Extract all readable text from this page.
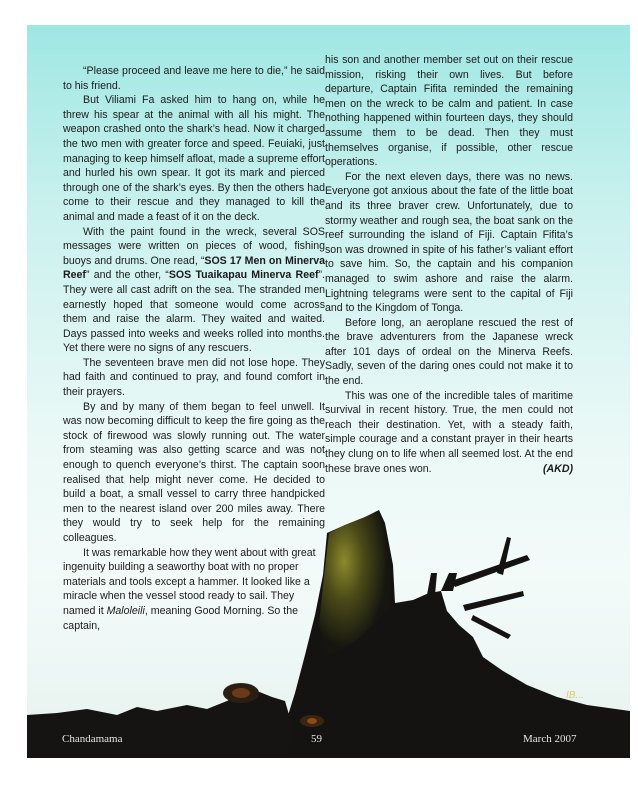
“Please proceed and leave me here to die,” he said to his friend.

But Viliami Fa asked him to hang on, while he threw his spear at the animal with all his might. The weapon crashed onto the shark’s head. Now it charged the two men with greater force and speed. Feuiaki, just managing to keep himself afloat, made a supreme effort and hurled his own spear. It got its mark and pierced through one of the shark’s eyes. By then the others had come to their rescue and they managed to kill the animal and made a feast of it on the deck.

With the paint found in the wreck, several SOS messages were written on pieces of wood, fishing buoys and drums. One read, “SOS 17 Men on Minerva Reef” and the other, “SOS Tuaikapau Minerva Reef”. They were all cast adrift on the sea. The stranded men earnestly hoped that someone would come across them and raise the alarm. They waited and waited. Days passed into weeks and weeks rolled into months. Yet there were no signs of any rescuers.

The seventeen brave men did not lose hope. They had faith and continued to pray, and found comfort in their prayers.

By and by many of them began to feel unwell. It was now becoming difficult to keep the fire going as the stock of firewood was slowly running out. The water from steaming was also getting scarce and was not enough to quench everyone’s thirst. The captain soon realised that help might never come. He decided to build a boat, a small vessel to carry three handpicked men to the nearest island over 200 miles away. There they would try to seek help for the remaining colleagues.

It was remarkable how they went about with great ingenuity building a seaworthy boat with no proper materials and tools except a hammer. It looked like a miracle when the vessel stood ready to sail. They named it Maloleili, meaning Good Morning. So the captain,

his son and another member set out on their rescue mission, risking their own lives. But before departure, Captain Fifita reminded the remaining men on the wreck to be calm and patient. In case nothing happened within fourteen days, they should assume them to be dead. Then they must themselves organise, if possible, other rescue operations.

For the next eleven days, there was no news. Everyone got anxious about the fate of the little boat and its three braver crew. Unfortunately, due to stormy weather and rough sea, the boat sank on the reef surrounding the island of Fiji. Captain Fifita’s son was drowned in spite of his father’s valiant effort to save him. So, the captain and his companion managed to swim ashore and raise the alarm. Lightning telegrams were sent to the capital of Fiji and to the Kingdom of Tonga.

Before long, an aeroplane rescued the rest of the brave adventurers from the Japanese wreck after 101 days of ordeal on the Minerva Reefs. Sadly, seven of the daring ones could not make it to the end.

This was one of the incredible tales of maritime survival in recent history. True, the men could not reach their destination. Yet, with a steady faith, simple courage and a constant prayer in their hearts they clung on to life when all seemed lost. At the end these brave ones won.	(AKD)

IB...
Chandamama	59	March 2007
